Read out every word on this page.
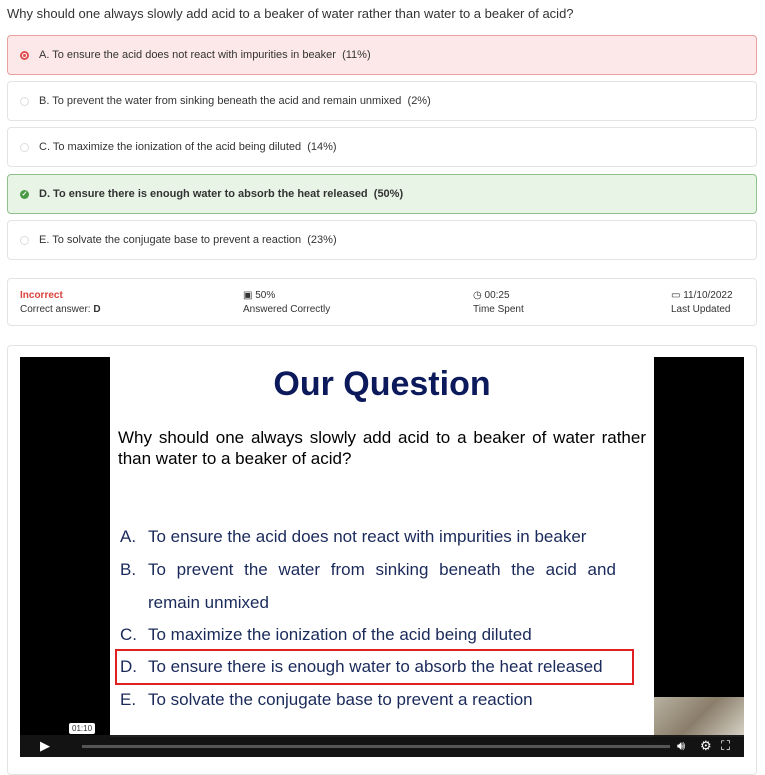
Why should one always slowly add acid to a beaker of water rather than water to a beaker of acid?
A. To ensure the acid does not react with impurities in beaker
(11%)
B. To prevent the water from sinking beneath the acid and remain unmixed
(2%)
C. To maximize the ionization of the acid being diluted
(14%)
✓ D. To ensure there is enough water to absorb the heat released
(50%)
E. To solvate the conjugate base to prevent a reaction
(23%)
Incorrect
Correct answer: D
▣ 50%
Answered Correctly
◷ 00:25
Time Spent
▭ 11/10/2022
Last Updated
Our Question
Why should one always slowly add acid to a beaker of water rather than water to a beaker of acid?
A. To ensure the acid does not react with impurities in beaker
B. To prevent the water from sinking beneath the acid and
remain unmixed
C. To maximize the ionization of the acid being diluted
D. To ensure there is enough water to absorb the heat released
E. To solvate the conjugate base to prevent a reaction
▶
01:10
🔊︎ ⚙ ⛶
